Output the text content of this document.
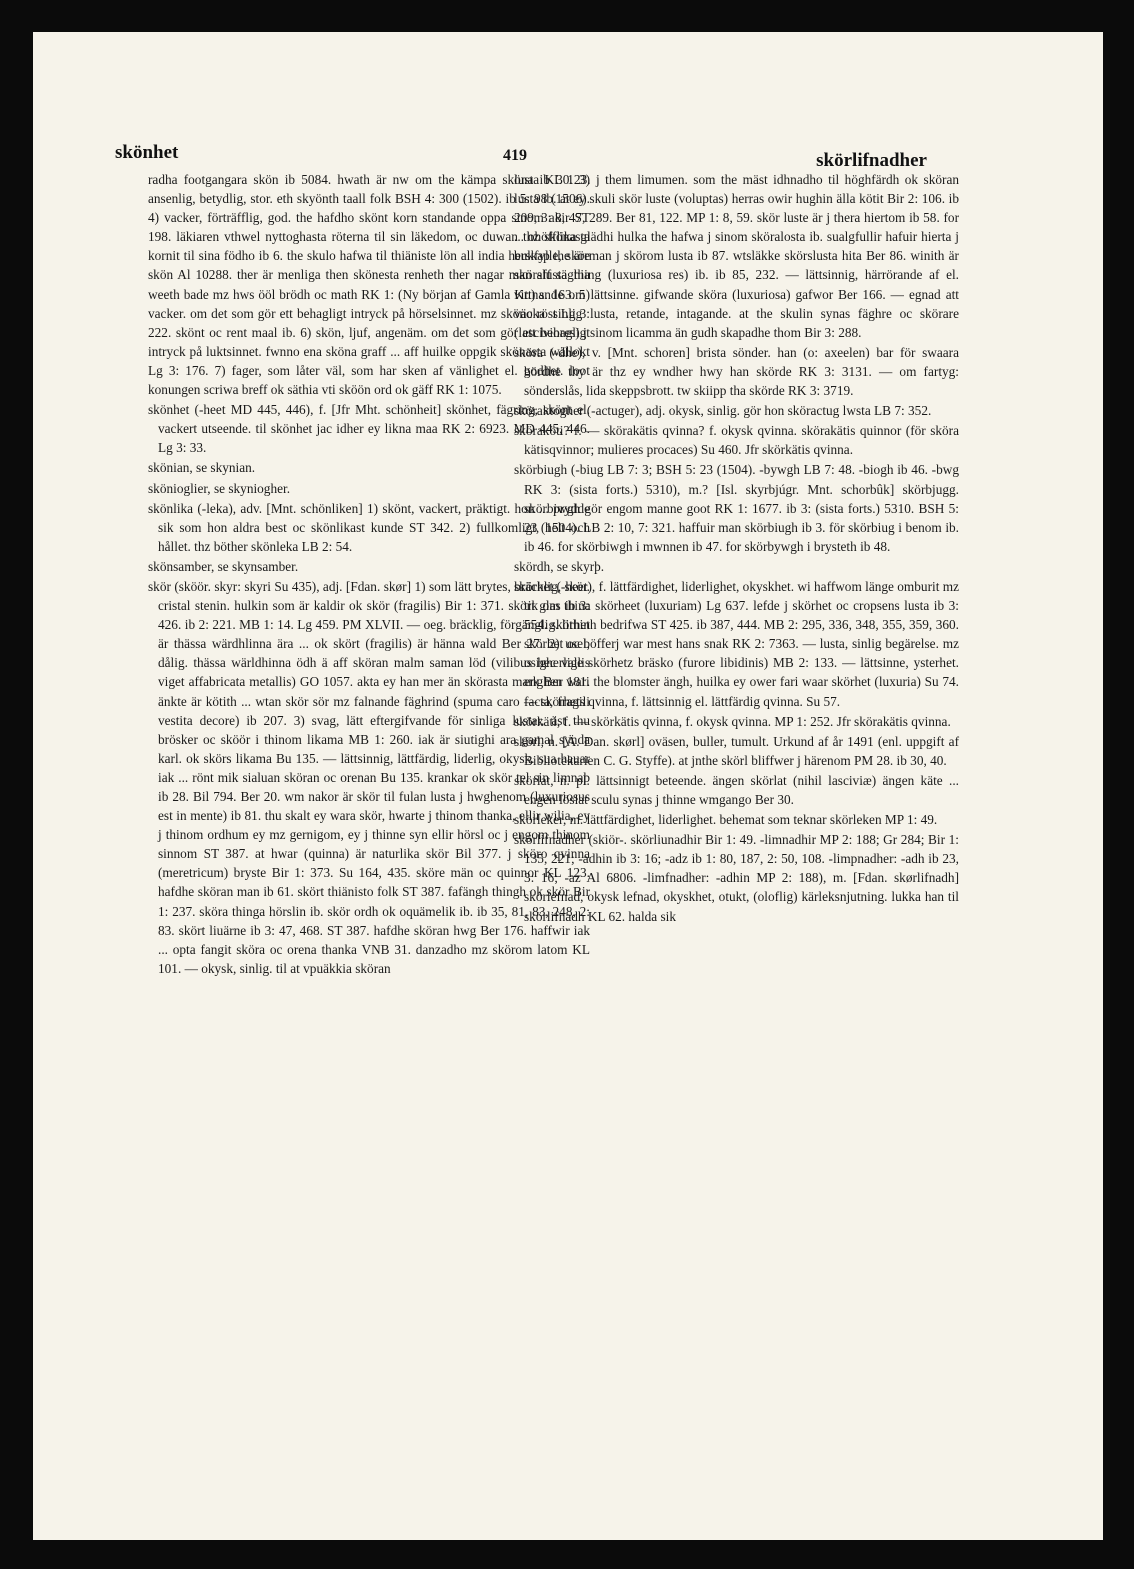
skönhet	419	skörlifnadher

radha footgangara skön ib 5084. hwath är nw om the kämpa sköna ib 30. 3) ansenlig, betydlig, stor. eth skyönth taall folk BSH 4: 300 (1502). ib 5: 98 (1506). 4) vacker, förträfflig, god. the hafdho skönt korn standande oppa sinom akir ST 198. läkiaren vthwel nyttoghasta röterna til sin läkedom, oc duwan thz skönasta kornit til sina födho ib 6. the skulo hafwa til thiäniste lön all india herskap the äre skön Al 10288. ther är menliga then skönesta renheth ther nagar man aff säghia weeth bade mz hws ööl brödh oc math RK 1: (Ny början af Gamla Kr.) s. 163. 5) vacker. om det som gör ett behagligt intryck på hörselsinnet. mz sköno röst Lg 3: 222. skönt oc rent maal ib. 6) skön, ljuf, angenäm. om det som gör ett behagligt intryck på luktsinnet. fwnno ena sköna graff ... aff huilke oppgik skönasta wällokt Lg 3: 176. 7) fager, som låter väl, som har sken af vänlighet el. godhet. loot konungen scriwa breff ok säthia vti sköön ord ok gäff RK 1: 1075.

skönhet (-heet MD 445, 446), f. [Jfr Mht. schönheit] skönhet, fägring, skönt el. vackert utseende. til skönhet jac idher ey likna maa RK 2: 6923. MD 445, 446. Lg 3: 33.

skönian, se skynian.

skönioglier, se skyniogher.

skönlika (-leka), adv. [Mnt. schönliken] 1) skönt, vackert, präktigt. hon ... prydde sik som hon aldra best oc skönlikast kunde ST 342. 2) fullkomligt, helt och hållet. thz böther skönleka LB 2: 54.

skönsamber, se skynsamber.

skör (sköör. skyr: skyri Su 435), adj. [Fdan. skør] 1) som lätt brytes, bräcklig, skör. cristal stenin. hulkin som är kaldir ok skör (fragilis) Bir 1: 371. skört glas ib 3: 426. ib 2: 221. MB 1: 14. Lg 459. PM XLVII. — oeg. bräcklig, förgänglig. lithin är thässa wärdhlinna ära ... ok skört (fragilis) är hänna wald Ber 27. 2) usel, dålig. thässa wärldhinna ödh ä aff sköran malm saman löd (vilibus hec vallis viget affabricata metallis) GO 1057. akta ey han mer än skörasta mark Ber 181. änkte är kötith ... wtan skör sör mz falnande fäghrind (spuma caro facta, fragili vestita decore) ib 207. 3) svag, lätt eftergifvande för sinliga lustar. äst thu brösker oc sköör i thinom likama MB 1: 260. iak är siutighi ara gamal synda karl. ok skörs likama Bu 135. — lättsinnig, lättfärdig, liderlig, okysk. sua hauar iak ... rönt mik sialuan sköran oc orenan Bu 135. krankar ok skör tel sin limnaþ ib 28. Bil 794. Ber 20. wm nakor är skör til fulan lusta j hwghenom (luxuriosus est in mente) ib 81. thu skalt ey wara skör, hwarte j thinom thanka, ellir wilia, ey j thinom ordhum ey mz gernigom, ey j thinne syn ellir hörsl oc j engom thinom sinnom ST 387. at hwar (quinna) är naturlika skör Bil 377. j sköro qvinna (meretricum) bryste Bir 1: 373. Su 164, 435. sköre män oc quinnor KL 123. hafdhe sköran man ib 61. skört thiänisto folk ST 387. fafängh thingh ok skör Bir 1: 237. sköra thinga hörslin ib. skör ordh ok oquämelik ib. ib 35, 81, 83, 248, 2: 83. skört liuärne ib 3: 47, 468. ST 387. hafdhe sköran hwg Ber 176. haffwir iak ... opta fangit sköra oc orena thanka VNB 31. danzadho mz skörom latom KL 101. — okysk, sinlig. til at vpuäkkia sköran

lusta KL 123. j them limumen. som the mäst idhnadho til höghfärdh ok sköran lusta ib. at ey skuli skör luste (voluptas) herras owir hughin älla kötit Bir 2: 106. ib 209, 3: 8, 47, 289. Ber 81, 122. MP 1: 8, 59. skör luste är j thera hiertom ib 58. for ... ohöfflika glädhi hulka the hafwa j sinom sköralosta ib. sualgfullir hafuir hierta j bukfylle, skörman j skörom lusta ib 87. wtsläkke skörslusta hita Ber 86. winith är skörslusta thing (luxuriosa res) ib. ib 85, 232. — lättsinnig, härrörande af el. vittnande om lättsinne. gifwande sköra (luxuriosa) gafwor Ber 166. — egnad att väcka sinlig lusta, retande, intagande. at the skulin synas fäghre oc skörare (lasciviores) j sinom licamma än gudh skapadhe thom Bir 3: 288.

sköra (-dhe), v. [Mnt. schoren] brista sönder. han (o: axeelen) bar för swaara bördhe thy är thz ey wndher hwy han skörde RK 3: 3131. — om fartyg: sönderslås, lida skeppsbrott. tw skiipp tha skörde RK 3: 3719.

sköraktogher (-actuger), adj. okysk, sinlig. gör hon sköractug lwsta LB 7: 352.

sköraköti? f. — skörakätis qvinna? f. okysk qvinna. skörakätis quinnor (för sköra kätisqvinnor; mulieres procaces) Su 460. Jfr skörkätis qvinna.

skörbiugh (-biug LB 7: 3; BSH 5: 23 (1504). -bywgh LB 7: 48. -biogh ib 46. -bwg RK 3: (sista forts.) 5310), m.? [Isl. skyrbjúgr. Mnt. schorbûk] skörbjugg. skörbiwgh gör engom manne goot RK 1: 1677. ib 3: (sista forts.) 5310. BSH 5: 23 (1504). LB 2: 10, 7: 321. haffuir man skörbiugh ib 3. för skörbiug i benom ib. ib 46. for skörbiwgh i mwnnen ib 47. for skörbywgh i brysteth ib 48.

skördh, se skyrþ.

skörhet (-heet), f. lättfärdighet, liderlighet, okyskhet. wi haffwom länge omburit mz tik om thina skörheet (luxuriam) Lg 637. lefde j skörhet oc cropsens lusta ib 3: 554. skörheth bedrifwa ST 425. ib 387, 444. MB 2: 295, 336, 348, 355, 359, 360. skörhet oc böfferj war mest hans snak RK 2: 7363. — lusta, sinlig begärelse. mz osigherlige skörhetz bräsko (furore libidinis) MB 2: 133. — lättsinne, ysterhet. enghen wari the blomster ängh, huilka ey ower fari waar skörhet (luxuria) Su 74. — skörhets qvinna, f. lättsinnig el. lättfärdig qvinna. Su 57.

skörkäti, f. — skörkätis qvinna, f. okysk qvinna. MP 1: 252. Jfr skörakätis qvinna.

skörl, n. [Ä. Dan. skørl] oväsen, buller, tumult. Urkund af år 1491 (enl. uppgift af Bibliotekarien C. G. Styffe). at jnthe skörl bliffwer j härenom PM 28. ib 30, 40.

skörlat, n. pl. lättsinnigt beteende. ängen skörlat (nihil lasciviæ) ängen käte ... engen löslat sculu synas j thinne wmgango Ber 30.

skörleker, m. lättfärdighet, liderlighet. behemat som teknar skörleken MP 1: 49.

skörlifnadher (skiör-. skörliunadhir Bir 1: 49. -limnadhir MP 2: 188; Gr 284; Bir 1: 135, 221; -adhin ib 3: 16; -adz ib 1: 80, 187, 2: 50, 108. -limpnadher: -adh ib 23, 3: 16; -az Al 6806. -limfnadher: -adhin MP 2: 188), m. [Fdan. skørlifnadh] skörlefnad, okysk lefnad, okyskhet, otukt, (oloflig) kärleksnjutning. lukka han til skörlifnadh KL 62. halda sik
